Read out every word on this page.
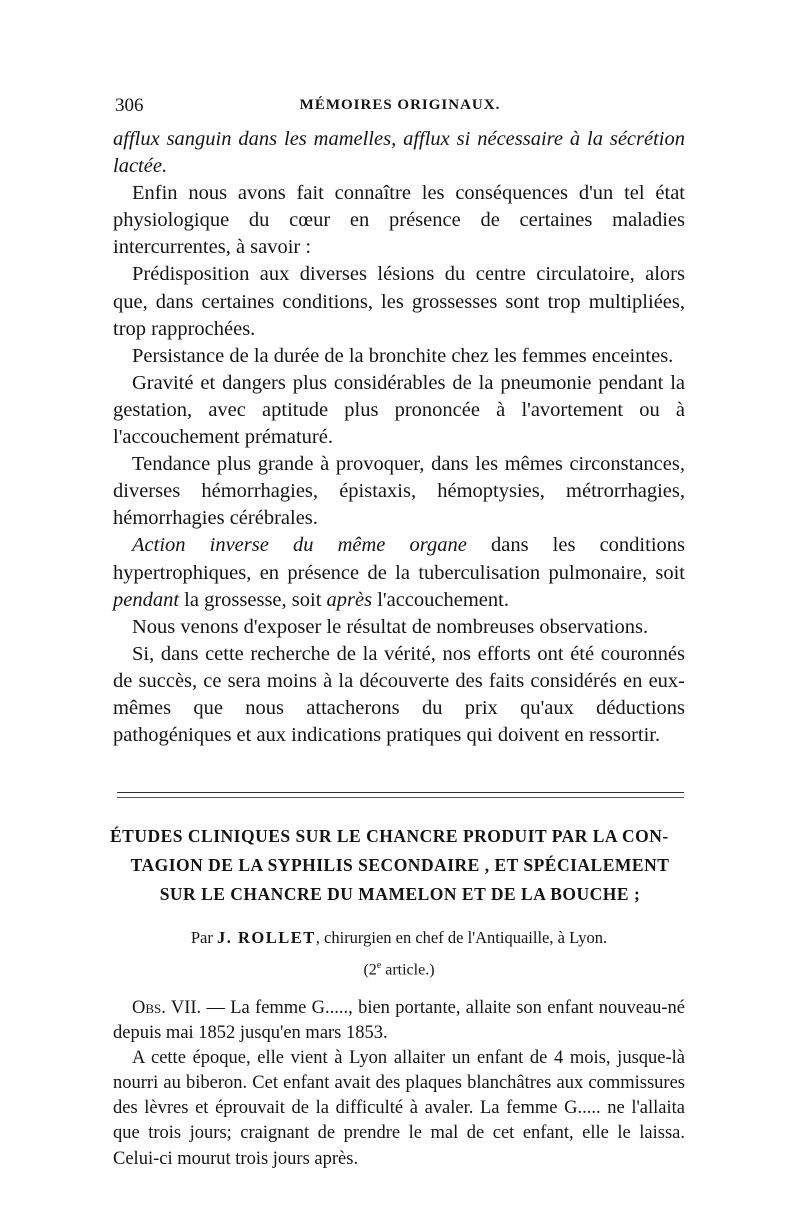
306	MÉMOIRES ORIGINAUX.

afflux sanguin dans les mamelles, afflux si nécessaire à la sécrétion lactée.

Enfin nous avons fait connaître les conséquences d'un tel état physiologique du cœur en présence de certaines maladies intercurrentes, à savoir :

Prédisposition aux diverses lésions du centre circulatoire, alors que, dans certaines conditions, les grossesses sont trop multipliées, trop rapprochées.

Persistance de la durée de la bronchite chez les femmes enceintes.

Gravité et dangers plus considérables de la pneumonie pendant la gestation, avec aptitude plus prononcée à l'avortement ou à l'accouchement prématuré.

Tendance plus grande à provoquer, dans les mêmes circonstances, diverses hémorrhagies, épistaxis, hémoptysies, métrorrhagies, hémorrhagies cérébrales.

Action inverse du même organe dans les conditions hypertrophiques, en présence de la tuberculisation pulmonaire, soit pendant la grossesse, soit après l'accouchement.

Nous venons d'exposer le résultat de nombreuses observations.

Si, dans cette recherche de la vérité, nos efforts ont été couronnés de succès, ce sera moins à la découverte des faits considérés en eux-mêmes que nous attacherons du prix qu'aux déductions pathogéniques et aux indications pratiques qui doivent en ressortir.

ÉTUDES CLINIQUES SUR LE CHANCRE PRODUIT PAR LA CON-
TAGION DE LA SYPHILIS SECONDAIRE , ET SPÉCIALEMENT
SUR LE CHANCRE DU MAMELON ET DE LA BOUCHE ;
Par J. ROLLET, chirurgien en chef de l'Antiquaille, à Lyon.
(2e article.)

Obs. VII. — La femme G....., bien portante, allaite son enfant nouveau-né depuis mai 1852 jusqu'en mars 1853.

A cette époque, elle vient à Lyon allaiter un enfant de 4 mois, jusque-là nourri au biberon. Cet enfant avait des plaques blanchâtres aux commissures des lèvres et éprouvait de la difficulté à avaler. La femme G..... ne l'allaita que trois jours; craignant de prendre le mal de cet enfant, elle le laissa. Celui-ci mourut trois jours après.
